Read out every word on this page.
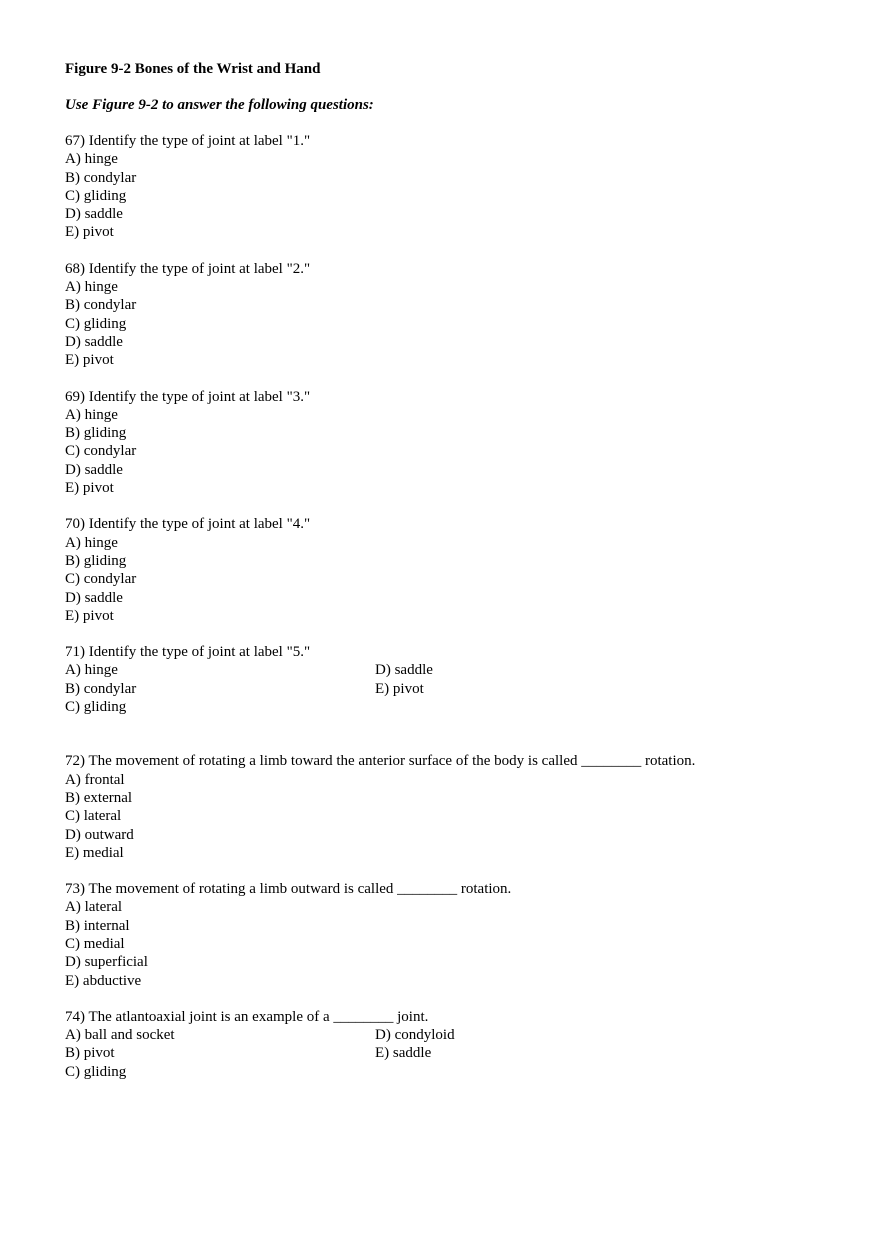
Figure 9-2 Bones of the Wrist and Hand
Use Figure 9-2 to answer the following questions:
67) Identify the type of joint at label "1."
A) hinge
B) condylar
C) gliding
D) saddle
E) pivot
68) Identify the type of joint at label "2."
A) hinge
B) condylar
C) gliding
D) saddle
E) pivot
69) Identify the type of joint at label "3."
A) hinge
B) gliding
C) condylar
D) saddle
E) pivot
70) Identify the type of joint at label "4."
A) hinge
B) gliding
C) condylar
D) saddle
E) pivot
71) Identify the type of joint at label "5."
A) hinge
B) condylar
C) gliding
D) saddle
E) pivot
72) The movement of rotating a limb toward the anterior surface of the body is called ________ rotation.
A) frontal
B) external
C) lateral
D) outward
E) medial
73) The movement of rotating a limb outward is called ________ rotation.
A) lateral
B) internal
C) medial
D) superficial
E) abductive
74) The atlantoaxial joint is an example of a ________ joint.
A) ball and socket
B) pivot
C) gliding
D) condyloid
E) saddle
